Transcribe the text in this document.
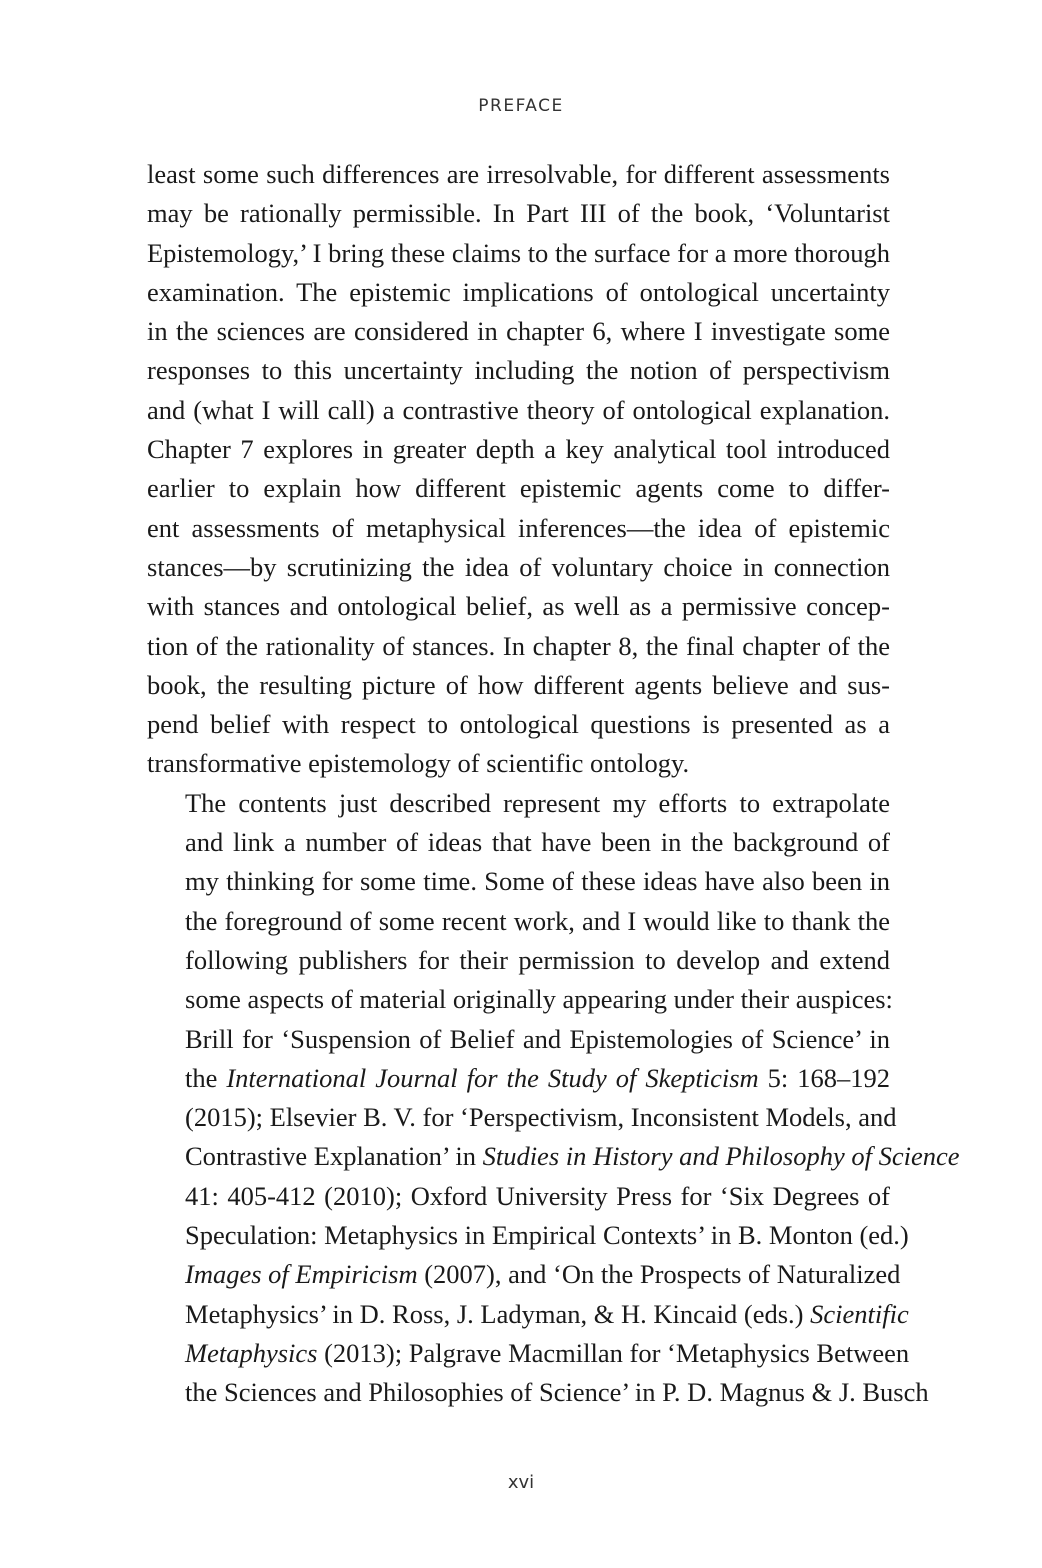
PREFACE

least some such differences are irresolvable, for different assessments
may be rationally permissible. In Part III of the book, ‘Voluntarist
Epistemology,’ I bring these claims to the surface for a more thorough
examination. The epistemic implications of ontological uncertainty
in the sciences are considered in chapter 6, where I investigate some
responses to this uncertainty including the notion of perspectivism
and (what I will call) a contrastive theory of ontological explanation.
Chapter 7 explores in greater depth a key analytical tool introduced
earlier to explain how different epistemic agents come to differ-
ent assessments of metaphysical inferences—the idea of epistemic
stances—by scrutinizing the idea of voluntary choice in connection
with stances and ontological belief, as well as a permissive concep-
tion of the rationality of stances. In chapter 8, the final chapter of the
book, the resulting picture of how different agents believe and sus-
pend belief with respect to ontological questions is presented as a
transformative epistemology of scientific ontology.

The contents just described represent my efforts to extrapolate
and link a number of ideas that have been in the background of
my thinking for some time. Some of these ideas have also been in
the foreground of some recent work, and I would like to thank the
following publishers for their permission to develop and extend
some aspects of material originally appearing under their auspices:
Brill for ‘Suspension of Belief and Epistemologies of Science’ in
the International Journal for the Study of Skepticism 5: 168–192
(2015); Elsevier B. V. for ‘Perspectivism, Inconsistent Models, and
Contrastive Explanation’ in Studies in History and Philosophy of Science
41: 405-412 (2010); Oxford University Press for ‘Six Degrees of
Speculation: Metaphysics in Empirical Contexts’ in B. Monton (ed.)
Images of Empiricism (2007), and ‘On the Prospects of Naturalized
Metaphysics’ in D. Ross, J. Ladyman, & H. Kincaid (eds.) Scientific
Metaphysics (2013); Palgrave Macmillan for ‘Metaphysics Between
the Sciences and Philosophies of Science’ in P. D. Magnus & J. Busch

xvi
